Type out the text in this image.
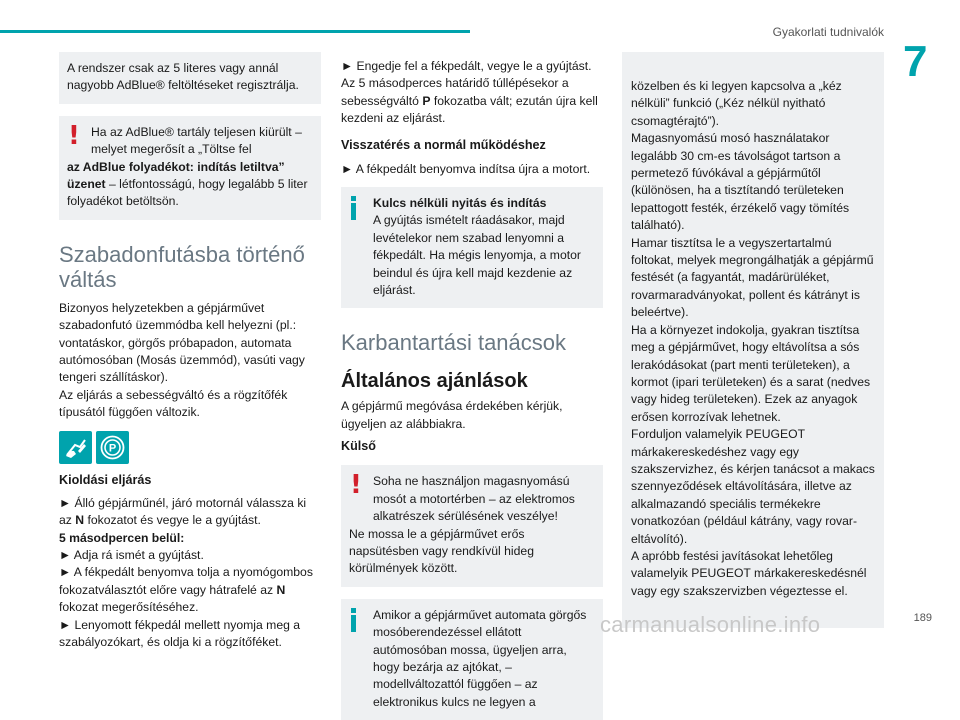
Gyakorlati tudnivalók
7

A rendszer csak az 5 literes vagy annál nagyobb AdBlue® feltöltéseket regisztrálja.

! Ha az AdBlue® tartály teljesen kiürült – melyet megerősít a „Töltse fel

az AdBlue folyadékot: indítás letiltva” üzenet – létfontosságú, hogy legalább 5 liter folyadékot betöltsön.

Szabadonfutásba történő váltás

Bizonyos helyzetekben a gépjárművet szabadonfutó üzemmódba kell helyezni (pl.: vontatáskor, görgős próbapadon, automata autómosóban (Mosás üzemmód), vasúti vagy tengeri szállításkor).

Az eljárás a sebességváltó és a rögzítőfék típusától függően változik.

P
Kioldási eljárás

► Álló gépjárműnél, járó motornál válassza ki az N fokozatot és vegye le a gyújtást.

5 másodpercen belül:

► Adja rá ismét a gyújtást.

► A fékpedált benyomva tolja a nyomógombos fokozatválasztót előre vagy hátrafelé az N fokozat megerősítéséhez.

► Lenyomott fékpedál mellett nyomja meg a szabályozókart, és oldja ki a rögzítőféket.

► Engedje fel a fékpedált, vegye le a gyújtást. Az 5 másodperces határidő túllépésekor a sebességváltó P fokozatba vált; ezután újra kell kezdeni az eljárást.

Visszatérés a normál működéshez

► A fékpedált benyomva indítsa újra a motort.

Kulcs nélküli nyitás és indítás

A gyújtás ismételt ráadásakor, majd levételekor nem szabad lenyomni a fékpedált. Ha mégis lenyomja, a motor beindul és újra kell majd kezdenie az eljárást.

Karbantartási tanácsok
Általános ajánlások

A gépjármű megóvása érdekében kérjük, ügyeljen az alábbiakra.

Külső
! Soha ne használjon magasnyomású mosót a motortérben – az elektromos alkatrészek sérülésének veszélye!

Ne mossa le a gépjárművet erős napsütésben vagy rendkívül hideg körülmények között.

Amikor a gépjárművet automata görgős mosóberendezéssel ellátott autómosóban mossa, ügyeljen arra, hogy bezárja az ajtókat, – modellváltozattól függően – az elektronikus kulcs ne legyen a

közelben és ki legyen kapcsolva a „kéz nélküli” funkció („Kéz nélkül nyitható csomagtérajtó”).
Magasnyomású mosó használatakor legalább 30 cm-es távolságot tartson a permetező fúvókával a gépjárműtől (különösen, ha a tisztítandó területeken lepattogott festék, érzékelő vagy tömítés található).
Hamar tisztítsa le a vegyszertartalmú foltokat, melyek megrongálhatják a gépjármű festését (a fagyantát, madárürüléket, rovarmaradványokat, pollent és kátrányt is beleértve).
Ha a környezet indokolja, gyakran tisztítsa meg a gépjárművet, hogy eltávolítsa a sós lerakódásokat (part menti területeken), a kormot (ipari területeken) és a sarat (nedves vagy hideg területeken). Ezek az anyagok erősen korrozívak lehetnek.
Forduljon valamelyik PEUGEOT márkakereskedéshez vagy egy szakszervizhez, és kérjen tanácsot a makacs szennyeződések eltávolítására, illetve az alkalmazandó speciális termékekre vonatkozóan (például kátrány, vagy rovar-eltávolító).
A apróbb festési javításokat lehetőleg valamelyik PEUGEOT márkakereskedésnél vagy egy szakszervizben végeztesse el.

carmanualsonline.info	189
